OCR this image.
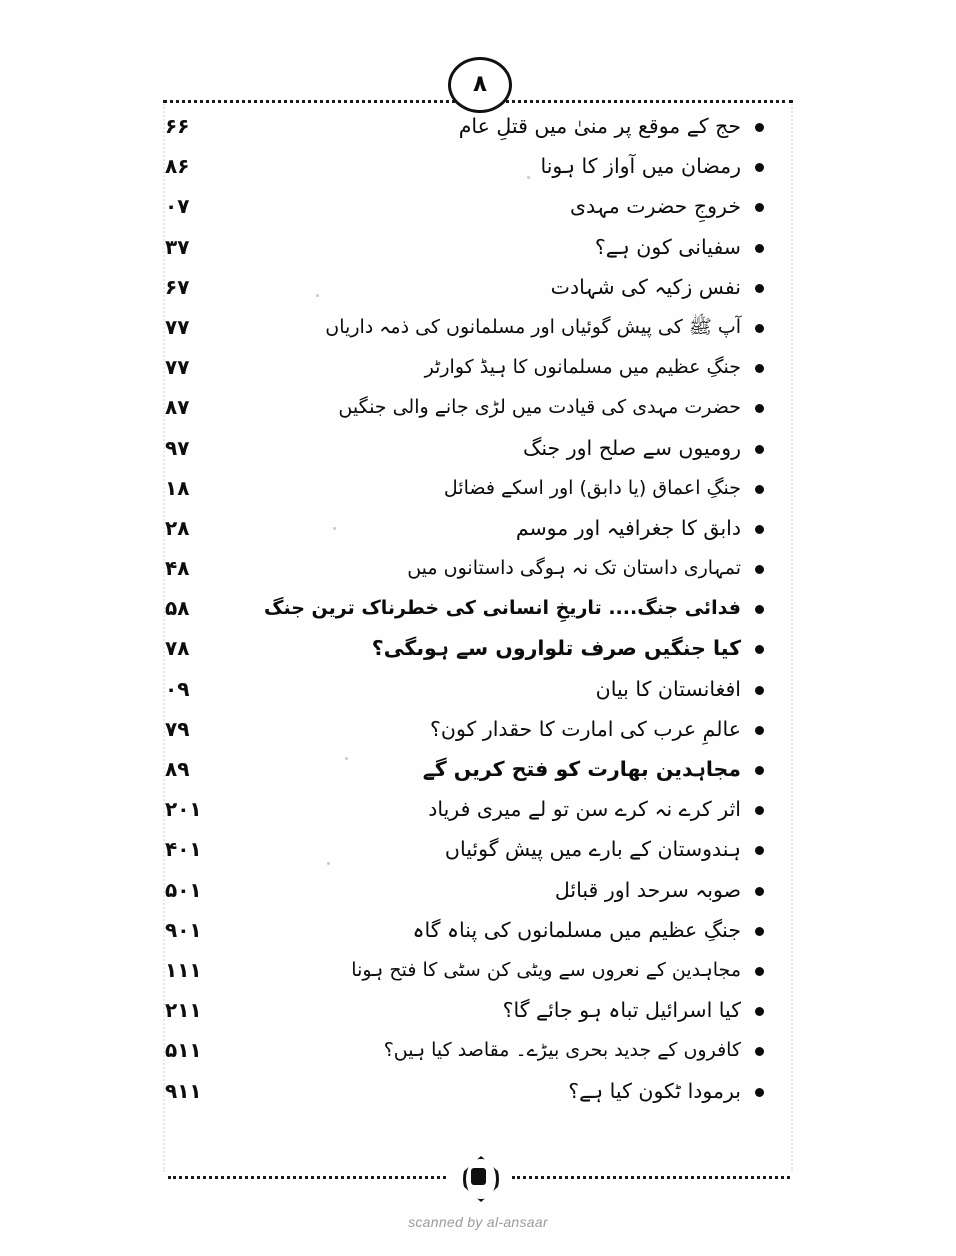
۸
۶۶	حج کے موقع پر منیٰ میں قتلِ عام
۶۸	رمضان میں آواز کا ہونا
۷۰	خروجِ حضرت مہدی
۷۳	سفیانی کون ہے؟
۷۶	نفس زکیہ کی شہادت
۷۷	آپ ﷺ کی پیش گوئیاں اور مسلمانوں کی ذمہ داریاں
۷۷	جنگِ عظیم میں مسلمانوں کا ہیڈ کوارٹر
۷۸	حضرت مہدی کی قیادت میں لڑی جانے والی جنگیں
۷۹	رومیوں سے صلح اور جنگ
۸۱	جنگِ اعماق (یا دابق) اور اسکے فضائل
۸۲	دابق کا جغرافیہ اور موسم
۸۴	تمہاری داستان تک نہ ہوگی داستانوں میں
۸۵	فدائی جنگ.... تاریخِ انسانی کی خطرناک ترین جنگ
۸۷	کیا جنگیں صرف تلواروں سے ہوںگی؟
۹۰	افغانستان کا بیان
۹۷	عالمِ عرب کی امارت کا حقدار کون؟
۹۸	مجاہدین بھارت کو فتح کریں گے
۱۰۲	اثر کرے نہ کرے سن تو لے میری فریاد
۱۰۴	ہندوستان کے بارے میں پیش گوئیاں
۱۰۵	صوبہ سرحد اور قبائل
۱۰۹	جنگِ عظیم میں مسلمانوں کی پناہ گاہ
۱۱۱	مجاہدین کے نعروں سے ویٹی کن سٹی کا فتح ہونا
۱۱۲	کیا اسرائیل تباہ ہو جائے گا؟
۱۱۵	کافروں کے جدید بحری بیڑے۔ مقاصد کیا ہیں؟
۱۱۹	برمودا ٹکون کیا ہے؟
scanned by al-ansaar
